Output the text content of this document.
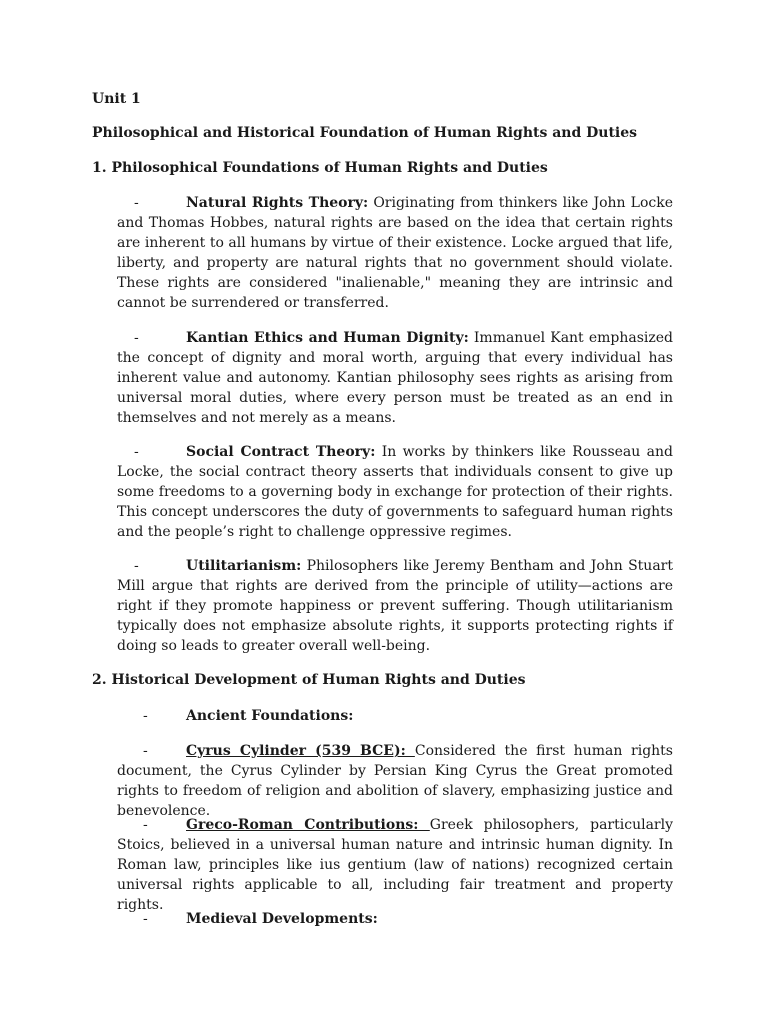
Unit 1
Philosophical and Historical Foundation of Human Rights and Duties
1. Philosophical Foundations of Human Rights and Duties
-	Natural Rights Theory: Originating from thinkers like John Locke and Thomas Hobbes, natural rights are based on the idea that certain rights are inherent to all humans by virtue of their existence. Locke argued that life, liberty, and property are natural rights that no government should violate. These rights are considered "inalienable," meaning they are intrinsic and cannot be surrendered or transferred.
-	Kantian Ethics and Human Dignity: Immanuel Kant emphasized the concept of dignity and moral worth, arguing that every individual has inherent value and autonomy. Kantian philosophy sees rights as arising from universal moral duties, where every person must be treated as an end in themselves and not merely as a means.
-	Social Contract Theory: In works by thinkers like Rousseau and Locke, the social contract theory asserts that individuals consent to give up some freedoms to a governing body in exchange for protection of their rights. This concept underscores the duty of governments to safeguard human rights and the people’s right to challenge oppressive regimes.
-	Utilitarianism: Philosophers like Jeremy Bentham and John Stuart Mill argue that rights are derived from the principle of utility—actions are right if they promote happiness or prevent suffering. Though utilitarianism typically does not emphasize absolute rights, it supports protecting rights if doing so leads to greater overall well-being.
2. Historical Development of Human Rights and Duties
-	Ancient Foundations:
-	Cyrus Cylinder (539 BCE): Considered the first human rights document, the Cyrus Cylinder by Persian King Cyrus the Great promoted rights to freedom of religion and abolition of slavery, emphasizing justice and benevolence.
-	Greco-Roman Contributions: Greek philosophers, particularly Stoics, believed in a universal human nature and intrinsic human dignity. In Roman law, principles like ius gentium (law of nations) recognized certain universal rights applicable to all, including fair treatment and property rights.
-	Medieval Developments:
